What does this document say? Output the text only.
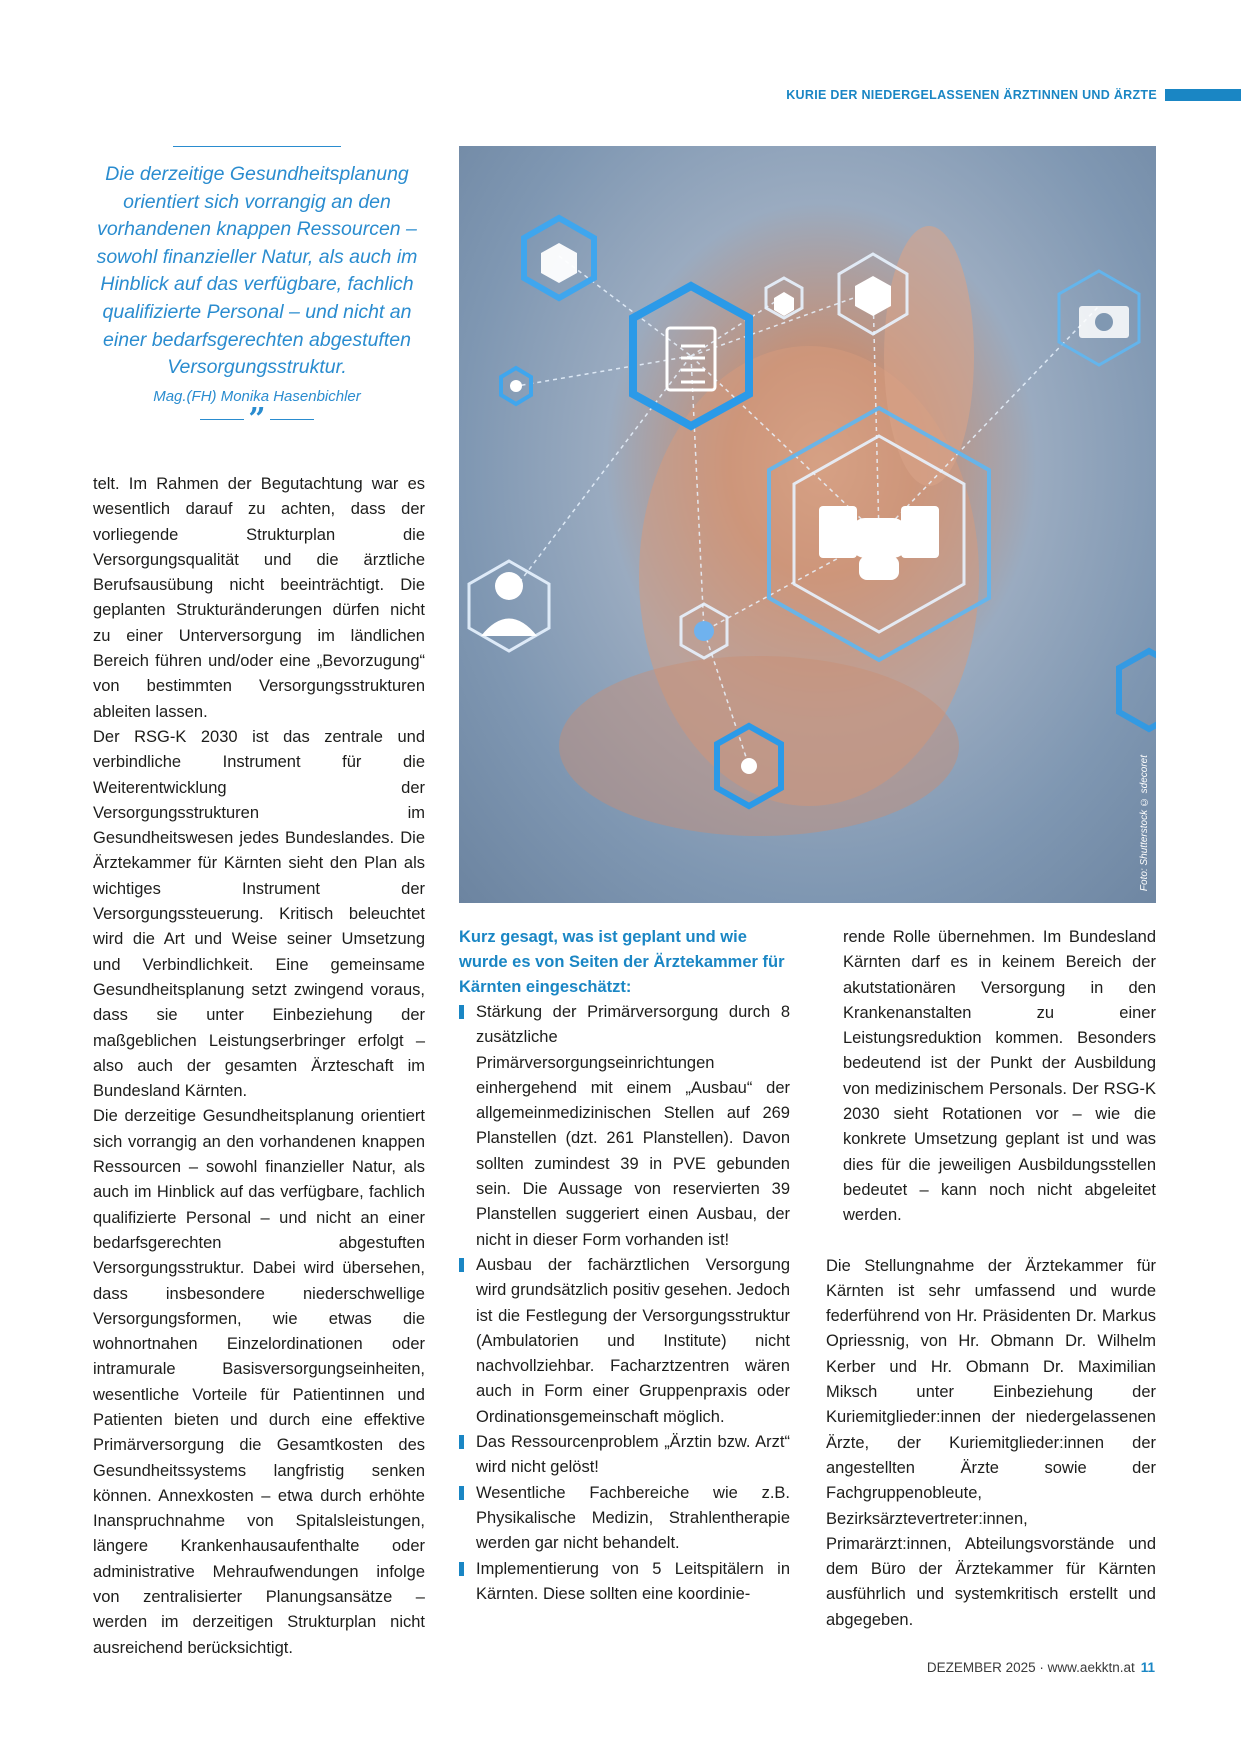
KURIE DER NIEDERGELASSENEN ÄRZTINNEN UND ÄRZTE
Die derzeitige Gesundheitsplanung orientiert sich vorrangig an den vorhandenen knappen Ressourcen – sowohl finanzieller Natur, als auch im Hinblick auf das verfügbare, fachlich qualifizierte Personal – und nicht an einer bedarfsgerechten abgestuften Versorgungsstruktur.
Mag.(FH) Monika Hasenbichler
”

telt. Im Rahmen der Begutachtung war es wesentlich darauf zu achten, dass der vorliegende Strukturplan die Versorgungsqualität und die ärztliche Berufsausübung nicht beeinträchtigt. Die geplanten Strukturänderungen dürfen nicht zu einer Unterversorgung im ländlichen Bereich führen und/oder eine „Bevorzugung“ von bestimmten Versorgungsstrukturen ableiten lassen.

Der RSG-K 2030 ist das zentrale und verbindliche Instrument für die Weiterentwicklung der Versorgungsstrukturen im Gesundheitswesen jedes Bundeslandes. Die Ärztekammer für Kärnten sieht den Plan als wichtiges Instrument der Versorgungssteuerung. Kritisch beleuchtet wird die Art und Weise seiner Umsetzung und Verbindlichkeit. Eine gemeinsame Gesundheitsplanung setzt zwingend voraus, dass sie unter Einbeziehung der maßgeblichen Leistungserbringer erfolgt – also auch der gesamten Ärzteschaft im Bundesland Kärnten.

Die derzeitige Gesundheitsplanung orientiert sich vorrangig an den vorhandenen knappen Ressourcen – sowohl finanzieller Natur, als auch im Hinblick auf das verfügbare, fachlich qualifizierte Personal – und nicht an einer bedarfsgerechten abgestuften Versorgungsstruktur. Dabei wird übersehen, dass insbesondere niederschwellige Versorgungsformen, wie etwas die wohnortnahen Einzelordinationen oder intramurale Basisversorgungseinheiten, wesentliche Vorteile für Patientinnen und Patienten bieten und durch eine effektive Primärversorgung die Gesamtkosten des Gesundheitssystems langfristig senken können. Annexkosten – etwa durch erhöhte Inanspruchnahme von Spitalsleistungen, längere Krankenhausaufenthalte oder administrative Mehraufwendungen infolge von zentralisierter Planungsansätze – werden im derzeitigen Strukturplan nicht ausreichend berücksichtigt.

Foto: Shutterstock © sdecoret

Kurz gesagt, was ist geplant und wie wurde es von Seiten der Ärztekammer für Kärnten eingeschätzt:

Stärkung der Primärversorgung durch 8 zusätzliche Primärversorgungseinrichtungen einhergehend mit einem „Ausbau“ der allgemeinmedizinischen Stellen auf 269 Planstellen (dzt. 261 Planstellen). Davon sollten zumindest 39 in PVE gebunden sein. Die Aussage von reservierten 39 Planstellen suggeriert einen Ausbau, der nicht in dieser Form vorhanden ist!
Ausbau der fachärztlichen Versorgung wird grundsätzlich positiv gesehen. Jedoch ist die Festlegung der Versorgungsstruktur (Ambulatorien und Institute) nicht nachvollziehbar. Facharztzentren wären auch in Form einer Gruppenpraxis oder Ordinationsgemeinschaft möglich.
Das Ressourcenproblem „Ärztin bzw. Arzt“ wird nicht gelöst!
Wesentliche Fachbereiche wie z.B. Physikalische Medizin, Strahlentherapie werden gar nicht behandelt.
Implementierung von 5 Leitspitälern in Kärnten. Diese sollten eine koordinie-

rende Rolle übernehmen. Im Bundesland Kärnten darf es in keinem Bereich der akutstationären Versorgung in den Krankenanstalten zu einer Leistungsreduktion kommen. Besonders bedeutend ist der Punkt der Ausbildung von medizinischem Personals. Der RSG-K 2030 sieht Rotationen vor – wie die konkrete Umsetzung geplant ist und was dies für die jeweiligen Ausbildungsstellen bedeutet – kann noch nicht abgeleitet werden.

Die Stellungnahme der Ärztekammer für Kärnten ist sehr umfassend und wurde federführend von Hr. Präsidenten Dr. Markus Opriessnig, von Hr. Obmann Dr. Wilhelm Kerber und Hr. Obmann Dr. Maximilian Miksch unter Einbeziehung der Kuriemitglieder:innen der niedergelassenen Ärzte, der Kuriemitglieder:innen der angestellten Ärzte sowie der Fachgruppenobleute, Bezirksärztevertreter:innen, Primarärzt:innen, Abteilungsvorstände und dem Büro der Ärztekammer für Kärnten ausführlich und systemkritisch erstellt und abgegeben.

DEZEMBER 2025 · www.aekktn.at 11
